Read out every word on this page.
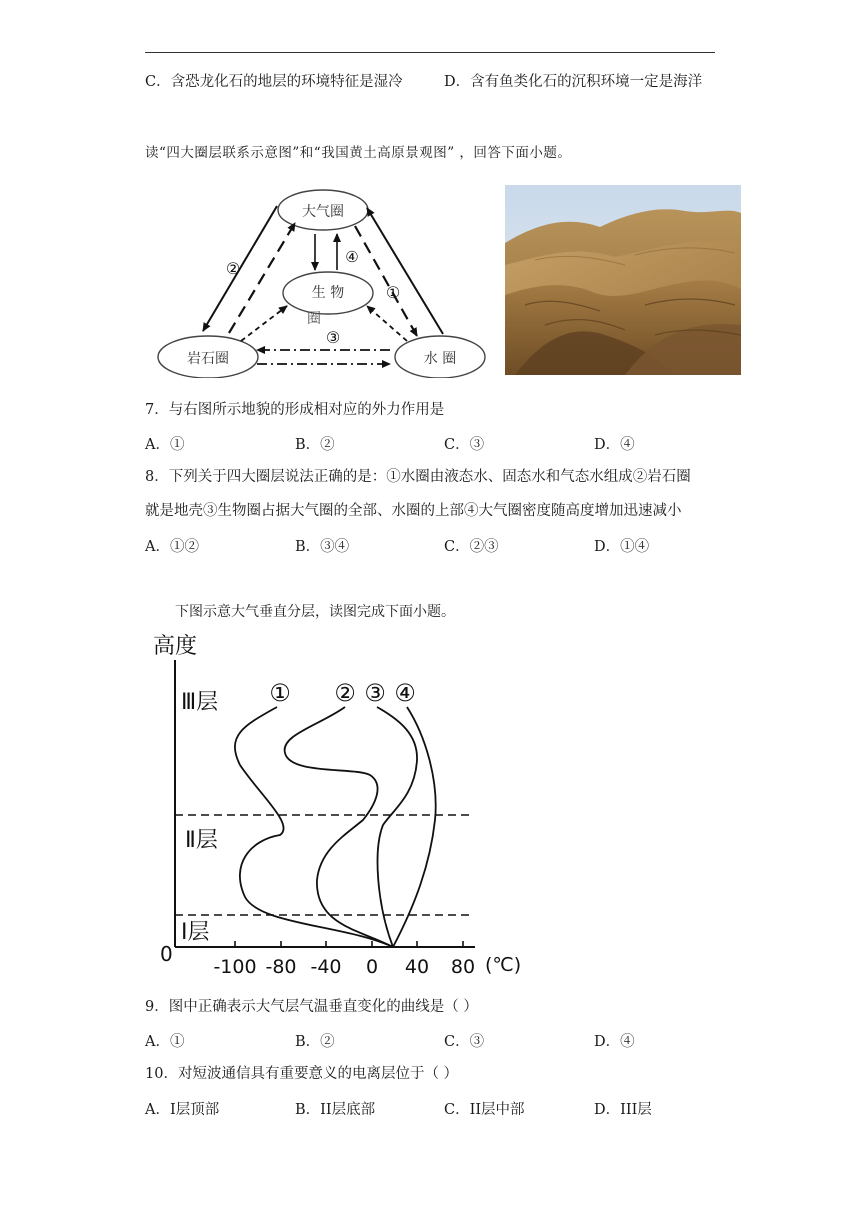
C．含恐龙化石的地层的环境特征是湿冷	D．含有鱼类化石的沉积环境一定是海洋
读“四大圈层联系示意图”和“我国黄土高原景观图” ，回答下面小题。
大气圈
生 物
圈
岩石圈	水 圈
②
①
④
③
7．与右图所示地貌的形成相对应的外力作用是
A．①	B．②	C．③	D．④
8．下列关于四大圈层说法正确的是：①水圈由液态水、固态水和气态水组成②岩石圈
就是地壳③生物圈占据大气圈的全部、水圈的上部④大气圈密度随高度增加迅速减小
A．①②	B．③④	C．②③	D．①④
下图示意大气垂直分层，读图完成下面小题。
高度
0
-100 -80 -40 0 40 80 (℃)
Ⅲ层
Ⅱ层
Ⅰ层
① ② ③ ④
9．图中正确表示大气层气温垂直变化的曲线是（ ）
A．①	B．②	C．③	D．④
10．对短波通信具有重要意义的电离层位于（ ）
A．I层顶部	B．II层底部	C．II层中部	D．III层
